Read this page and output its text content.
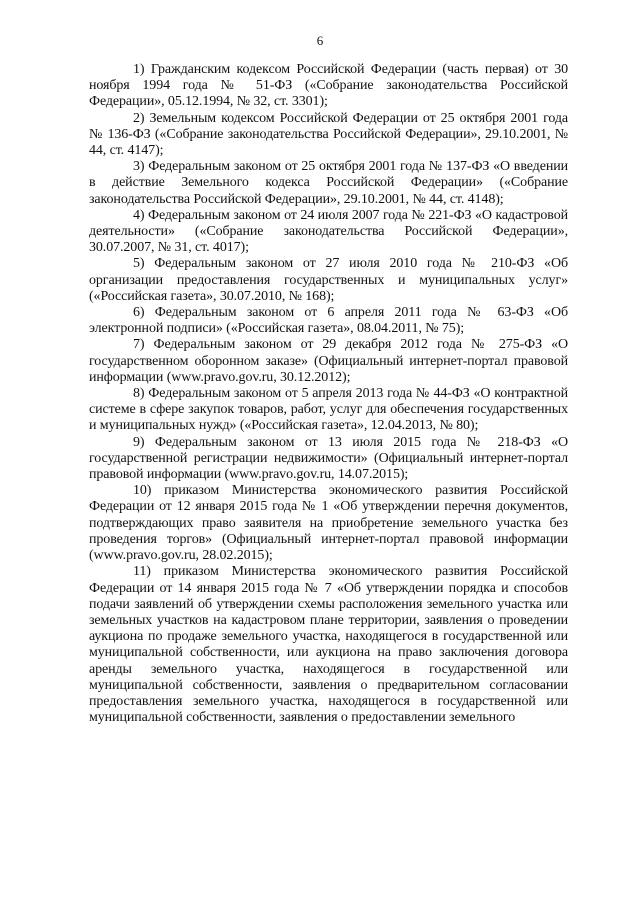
6

1) Гражданским кодексом Российской Федерации (часть первая) от 30 ноября 1994 года № 51-ФЗ («Собрание законодательства Российской Федерации», 05.12.1994, № 32, ст. 3301);

2) Земельным кодексом Российской Федерации от 25 октября 2001 года № 136-ФЗ («Собрание законодательства Российской Федерации», 29.10.2001, № 44, ст. 4147);

3) Федеральным законом от 25 октября 2001 года № 137-ФЗ «О введении в действие Земельного кодекса Российской Федерации» («Собрание законодательства Российской Федерации», 29.10.2001, № 44, ст. 4148);

4) Федеральным законом от 24 июля 2007 года № 221-ФЗ «О кадастровой деятельности» («Собрание законодательства Российской Федерации», 30.07.2007, № 31, ст. 4017);

5) Федеральным законом от 27 июля 2010 года № 210-ФЗ «Об организации предоставления государственных и муниципальных услуг» («Российская газета», 30.07.2010, № 168);

6) Федеральным законом от 6 апреля 2011 года № 63-ФЗ «Об электронной подписи» («Российская газета», 08.04.2011, № 75);

7) Федеральным законом от 29 декабря 2012 года № 275-ФЗ «О государственном оборонном заказе» (Официальный интернет-портал правовой информации (www.pravo.gov.ru, 30.12.2012);

8) Федеральным законом от 5 апреля 2013 года № 44-ФЗ «О контрактной системе в сфере закупок товаров, работ, услуг для обеспечения государственных и муниципальных нужд» («Российская газета», 12.04.2013, № 80);

9) Федеральным законом от 13 июля 2015 года № 218-ФЗ «О государственной регистрации недвижимости» (Официальный интернет-портал правовой информации (www.pravo.gov.ru, 14.07.2015);

10) приказом Министерства экономического развития Российской Федерации от 12 января 2015 года № 1 «Об утверждении перечня документов, подтверждающих право заявителя на приобретение земельного участка без проведения торгов» (Официальный интернет-портал правовой информации (www.pravo.gov.ru, 28.02.2015);

11) приказом Министерства экономического развития Российской Федерации от 14 января 2015 года № 7 «Об утверждении порядка и способов подачи заявлений об утверждении схемы расположения земельного участка или земельных участков на кадастровом плане территории, заявления о проведении аукциона по продаже земельного участка, находящегося в государственной или муниципальной собственности, или аукциона на право заключения договора аренды земельного участка, находящегося в государственной или муниципальной собственности, заявления о предварительном согласовании предоставления земельного участка, находящегося в государственной или муниципальной собственности, заявления о предоставлении земельного
